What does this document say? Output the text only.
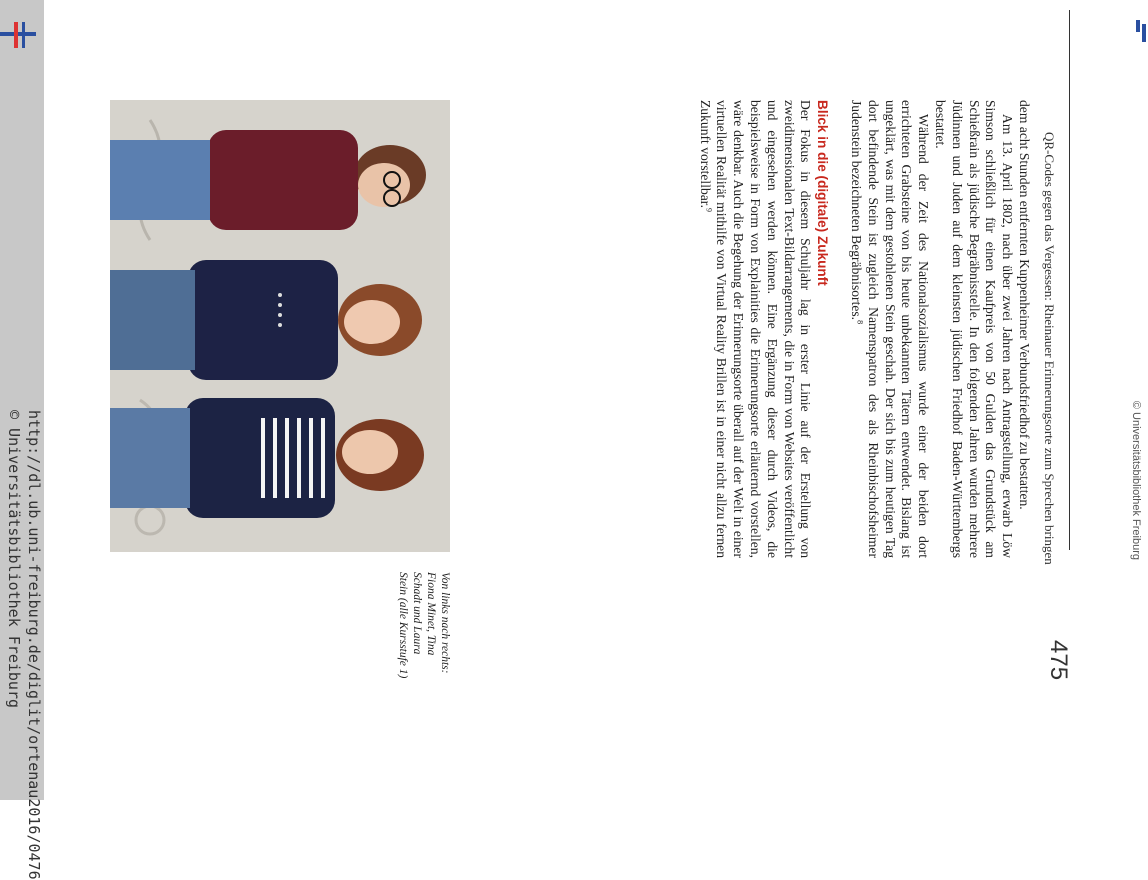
http://dl.ub.uni-freiburg.de/diglit/ortenau2016/0476
© Universitätsbibliothek Freiburg	© Universitätsbibliothek Freiburg
QR-Codes gegen das Vergessen: Rheinauer Erinnerungsorte zum Sprechen bringen
475

dem acht Stunden entfernten Kuppenheimer Verbundsfriedhof zu bestatten.

Am 13. April 1802, nach über zwei Jahren nach Antragstellung, erwarb Löw Simson schließlich für einen Kaufpreis von 50 Gulden das Grundstück am Schießrain als jüdische Begräbnisstelle. In den folgenden Jahren wurden mehrere Jüdinnen und Juden auf dem kleinsten jüdischen Friedhof Baden-Württembergs bestattet.

Während der Zeit des Nationalsozialismus wurde einer der beiden dort errichteten Grabsteine von bis heute unbekannten Tätern entwendet. Bislang ist ungeklärt, was mit dem gestohlenen Stein geschah. Der sich bis zum heutigen Tag dort befindende Stein ist zugleich Namenspatron des als Rheinbischofsheimer Judenstein bezeichneten Begräbnisortes.$^8$

Blick in die (digitale) Zukunft

Der Fokus in diesem Schuljahr lag in erster Linie auf der Erstellung von zweidimensionalen Text-Bildarrangements, die in Form von Websites veröffentlicht und eingesehen werden können. Eine Ergänzung dieser durch Videos, die beispielsweise in Form von Explainities die Erinnerungsorte erläuternd vorstellen, wäre denkbar. Auch die Begehung der Erinnerungsorte überall auf der Welt in einer virtuellen Realität mithilfe von Virtual Reality Brillen ist in einer nicht allzu fernen Zukunft vorstellbar.$^9$

Von links nach rechts:
Fiona Minet, Tina
Schadt und Laura
Stein (alle Kursstufe 1)
